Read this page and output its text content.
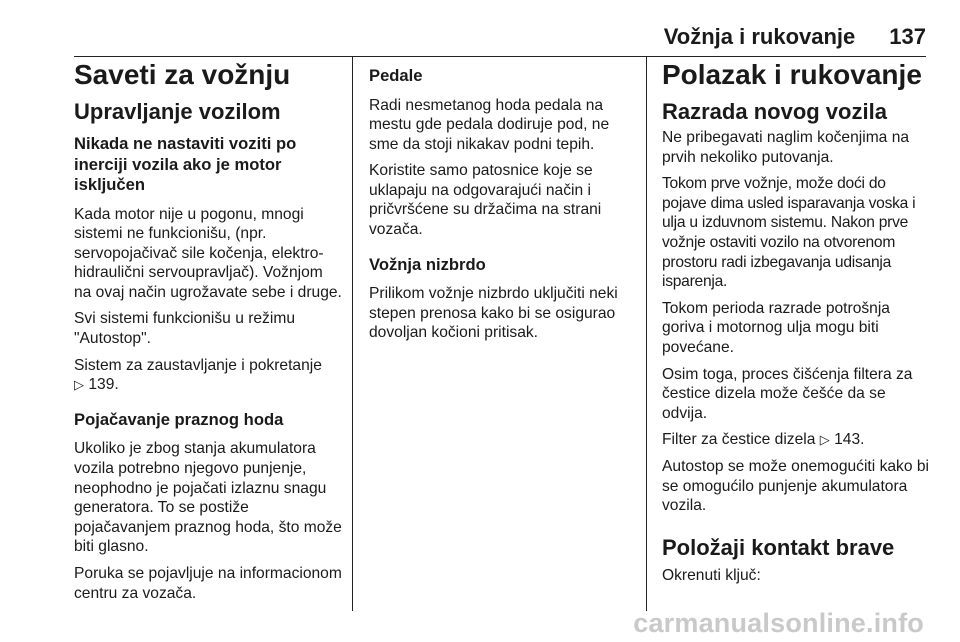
Vožnja i rukovanje 137
Saveti za vožnju
Upravljanje vozilom
Nikada ne nastaviti voziti po inerciji vozila ako je motor isključen

Kada motor nije u pogonu, mnogi sistemi ne funkcionišu, (npr. servopojačivač sile kočenja, elektro-hidraulični servoupravljač). Vožnjom na ovaj način ugrožavate sebe i druge.

Svi sistemi funkcionišu u režimu "Autostop".

Sistem za zaustavljanje i pokretanje
▷ 139.

Pojačavanje praznog hoda

Ukoliko je zbog stanja akumulatora vozila potrebno njegovo punjenje, neophodno je pojačati izlaznu snagu generatora. To se postiže pojačavanjem praznog hoda, što može biti glasno.

Poruka se pojavljuje na informacionom centru za vozača.

Pedale

Radi nesmetanog hoda pedala na mestu gde pedala dodiruje pod, ne sme da stoji nikakav podni tepih.

Koristite samo patosnice koje se uklapaju na odgovarajući način i pričvršćene su držačima na strani vozača.

Vožnja nizbrdo

Prilikom vožnje nizbrdo uključiti neki stepen prenosa kako bi se osigurao dovoljan kočioni pritisak.

Polazak i rukovanje
Razrada novog vozila

Ne pribegavati naglim kočenjima na prvih nekoliko putovanja.

Tokom prve vožnje, može doći do pojave dima usled isparavanja voska i ulja u izduvnom sistemu. Nakon prve vožnje ostaviti vozilo na otvorenom prostoru radi izbegavanja udisanja isparenja.

Tokom perioda razrade potrošnja goriva i motornog ulja mogu biti povećane.

Osim toga, proces čišćenja filtera za čestice dizela može češće da se odvija.

Filter za čestice dizela ▷ 143.

Autostop se može onemogućiti kako bi se omogućilo punjenje akumulatora vozila.

Položaji kontakt brave

Okrenuti ključ:

carmanualsonline.info
